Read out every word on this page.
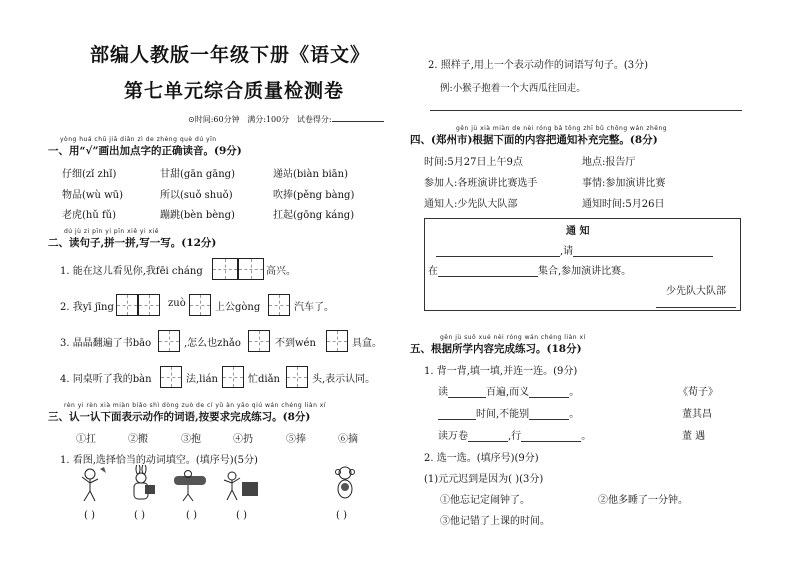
部编人教版一年级下册《语文》
第七单元综合质量检测卷
⊙时间:60分钟 满分:100分 试卷得分:
yòng huá chū jiā diǎn zì de zhèng què dú yīn
一、用“√”画出加点字的正确读音。(9分)
仔细(zǐ zhǐ)	甘甜(gān gāng)	递站(biàn biān)
物品(wù wū)	所以(suǒ shuǒ)	吹捧(pěng bàng)
老虎(hǔ fǔ)	蹦跳(bèn bèng)	扛起(gōng káng)
dú jù zi pīn yi pīn xiě yi xiě
二、读句子,拼一拼,写一写。(12分)
1. 能在这儿看见你,我fēi cháng	高兴。
2. 我yī jīng	zuò	上公gòng	汽车了。
3. 晶晶翻遍了书bāo	,怎么也zhǎo	不到wén	具盒。
4. 同桌听了我的bàn	法,lián	忙diǎn	头,表示认同。
rèn yi rèn xià miàn biǎo shì dòng zuò de cí yǔ àn yāo qiú wán chéng liàn xí
三、认一认下面表示动作的词语,按要求完成练习。(8分)
①扛	②搬	③抱	④扔	⑤捧	⑥摘
1. 看图,选择恰当的动词填空。(填序号)(5分)
( )	( )	( )	( )	( )
2. 照样子,用上一个表示动作的词语写句子。(3分)
例:小猴子抱着一个大西瓜往回走。
gēn jù xià miàn de nèi róng bǎ tōng zhī bǔ chōng wán zhěng
四、(郑州市)根据下面的内容把通知补充完整。(8分)
时间:5月27日上午9点	地点:报告厅
参加人:各班演讲比赛选手	事情:参加演讲比赛
通知人:少先队大队部	通知时间:5月26日
通 知
,请
在	集合,参加演讲比赛。
少先队大队部
gēn jù suǒ xué nèi róng wán chéng liàn xí
五、根据所学内容完成练习。(18分)
1. 背一背,填一填,并连一连。(9分)
读	百遍,而义	。
时间,不能别	。
读万卷	,行	。
《荀子》
董其昌
董 遇
2. 选一选。(填序号)(9分)
(1)元元迟到是因为( )(3分)
①他忘记定闹钟了。	②他多睡了一分钟。
③他记错了上课的时间。
